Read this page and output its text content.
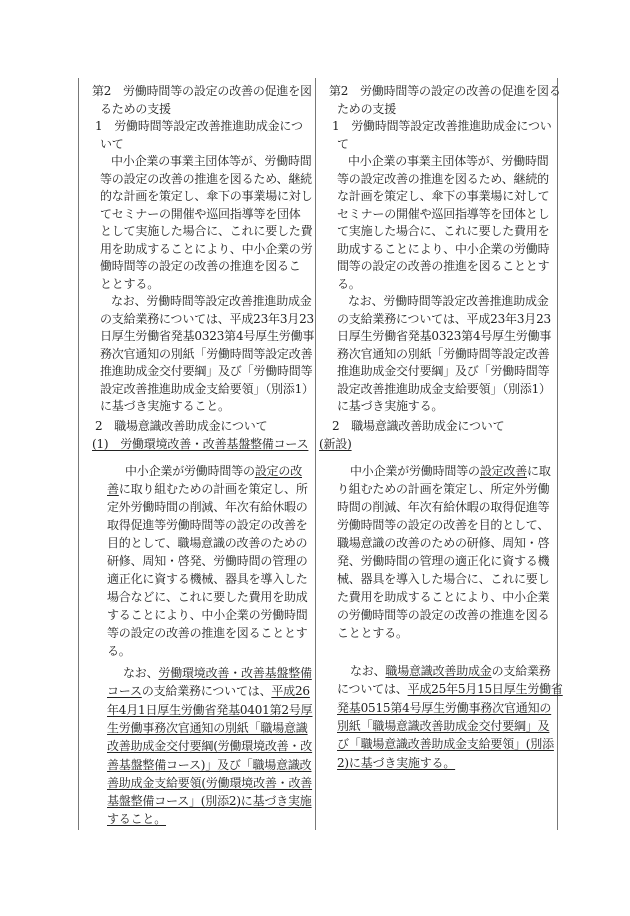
第2　労働時間等の設定の改善の促進を図
るための支援
1　労働時間等設定改善推進助成金につ
いて
中小企業の事業主団体等が、労働時間
等の設定の改善の推進を図るため、継続
的な計画を策定し、傘下の事業場に対し
てセミナーの開催や巡回指導等を団体
として実施した場合に、これに要した費
用を助成することにより、中小企業の労
働時間等の設定の改善の推進を図るこ
ととする。
なお、労働時間等設定改善推進助成金
の支給業務については、平成23年3月23
日厚生労働省発基0323第4号厚生労働事
務次官通知の別紙「労働時間等設定改善
推進助成金交付要綱」及び「労働時間等
設定改善推進助成金支給要領」（別添1）
に基づき実施すること。
2　職場意識改善助成金について
(1)　労働環境改善・改善基盤整備コース
中小企業が労働時間等の設定の改
善に取り組むための計画を策定し、所
定外労働時間の削減、年次有給休暇の
取得促進等労働時間等の設定の改善を
目的として、職場意識の改善のための
研修、周知・啓発、労働時間の管理の
適正化に資する機械、器具を導入した
場合などに、これに要した費用を助成
することにより、中小企業の労働時間
等の設定の改善の推進を図ることとす
る。
なお、労働環境改善・改善基盤整備
コースの支給業務については、平成26
年4月1日厚生労働省発基0401第2号厚
生労働事務次官通知の別紙「職場意識
改善助成金交付要綱(労働環境改善・改
善基盤整備コース)」及び「職場意識改
善助成金支給要領(労働環境改善・改善
基盤整備コース」(別添2)に基づき実施
すること。
第2　労働時間等の設定の改善の促進を図る
ための支援
1　労働時間等設定改善推進助成金につい
て
中小企業の事業主団体等が、労働時間
等の設定改善の推進を図るため、継続的
な計画を策定し、傘下の事業場に対して
セミナーの開催や巡回指導等を団体とし
て実施した場合に、これに要した費用を
助成することにより、中小企業の労働時
間等の設定の改善の推進を図ることとす
る。
なお、労働時間等設定改善推進助成金
の支給業務については、平成23年3月23
日厚生労働省発基0323第4号厚生労働事
務次官通知の別紙「労働時間等設定改善
推進助成金交付要綱」及び「労働時間等
設定改善推進助成金支給要領」（別添1）
に基づき実施する。
2　職場意識改善助成金について
(新設)
中小企業が労働時間等の設定改善に取
り組むための計画を策定し、所定外労働
時間の削減、年次有給休暇の取得促進等
労働時間等の設定の改善を目的として、
職場意識の改善のための研修、周知・啓
発、労働時間の管理の適正化に資する機
械、器具を導入した場合に、これに要し
た費用を助成することにより、中小企業
の労働時間等の設定の改善の推進を図る
こととする。
なお、職場意識改善助成金の支給業務
については、平成25年5月15日厚生労働省
発基0515第4号厚生労働事務次官通知の
別紙「職場意識改善助成金交付要綱」及
び「職場意識改善助成金支給要領」(別添
2)に基づき実施する。
